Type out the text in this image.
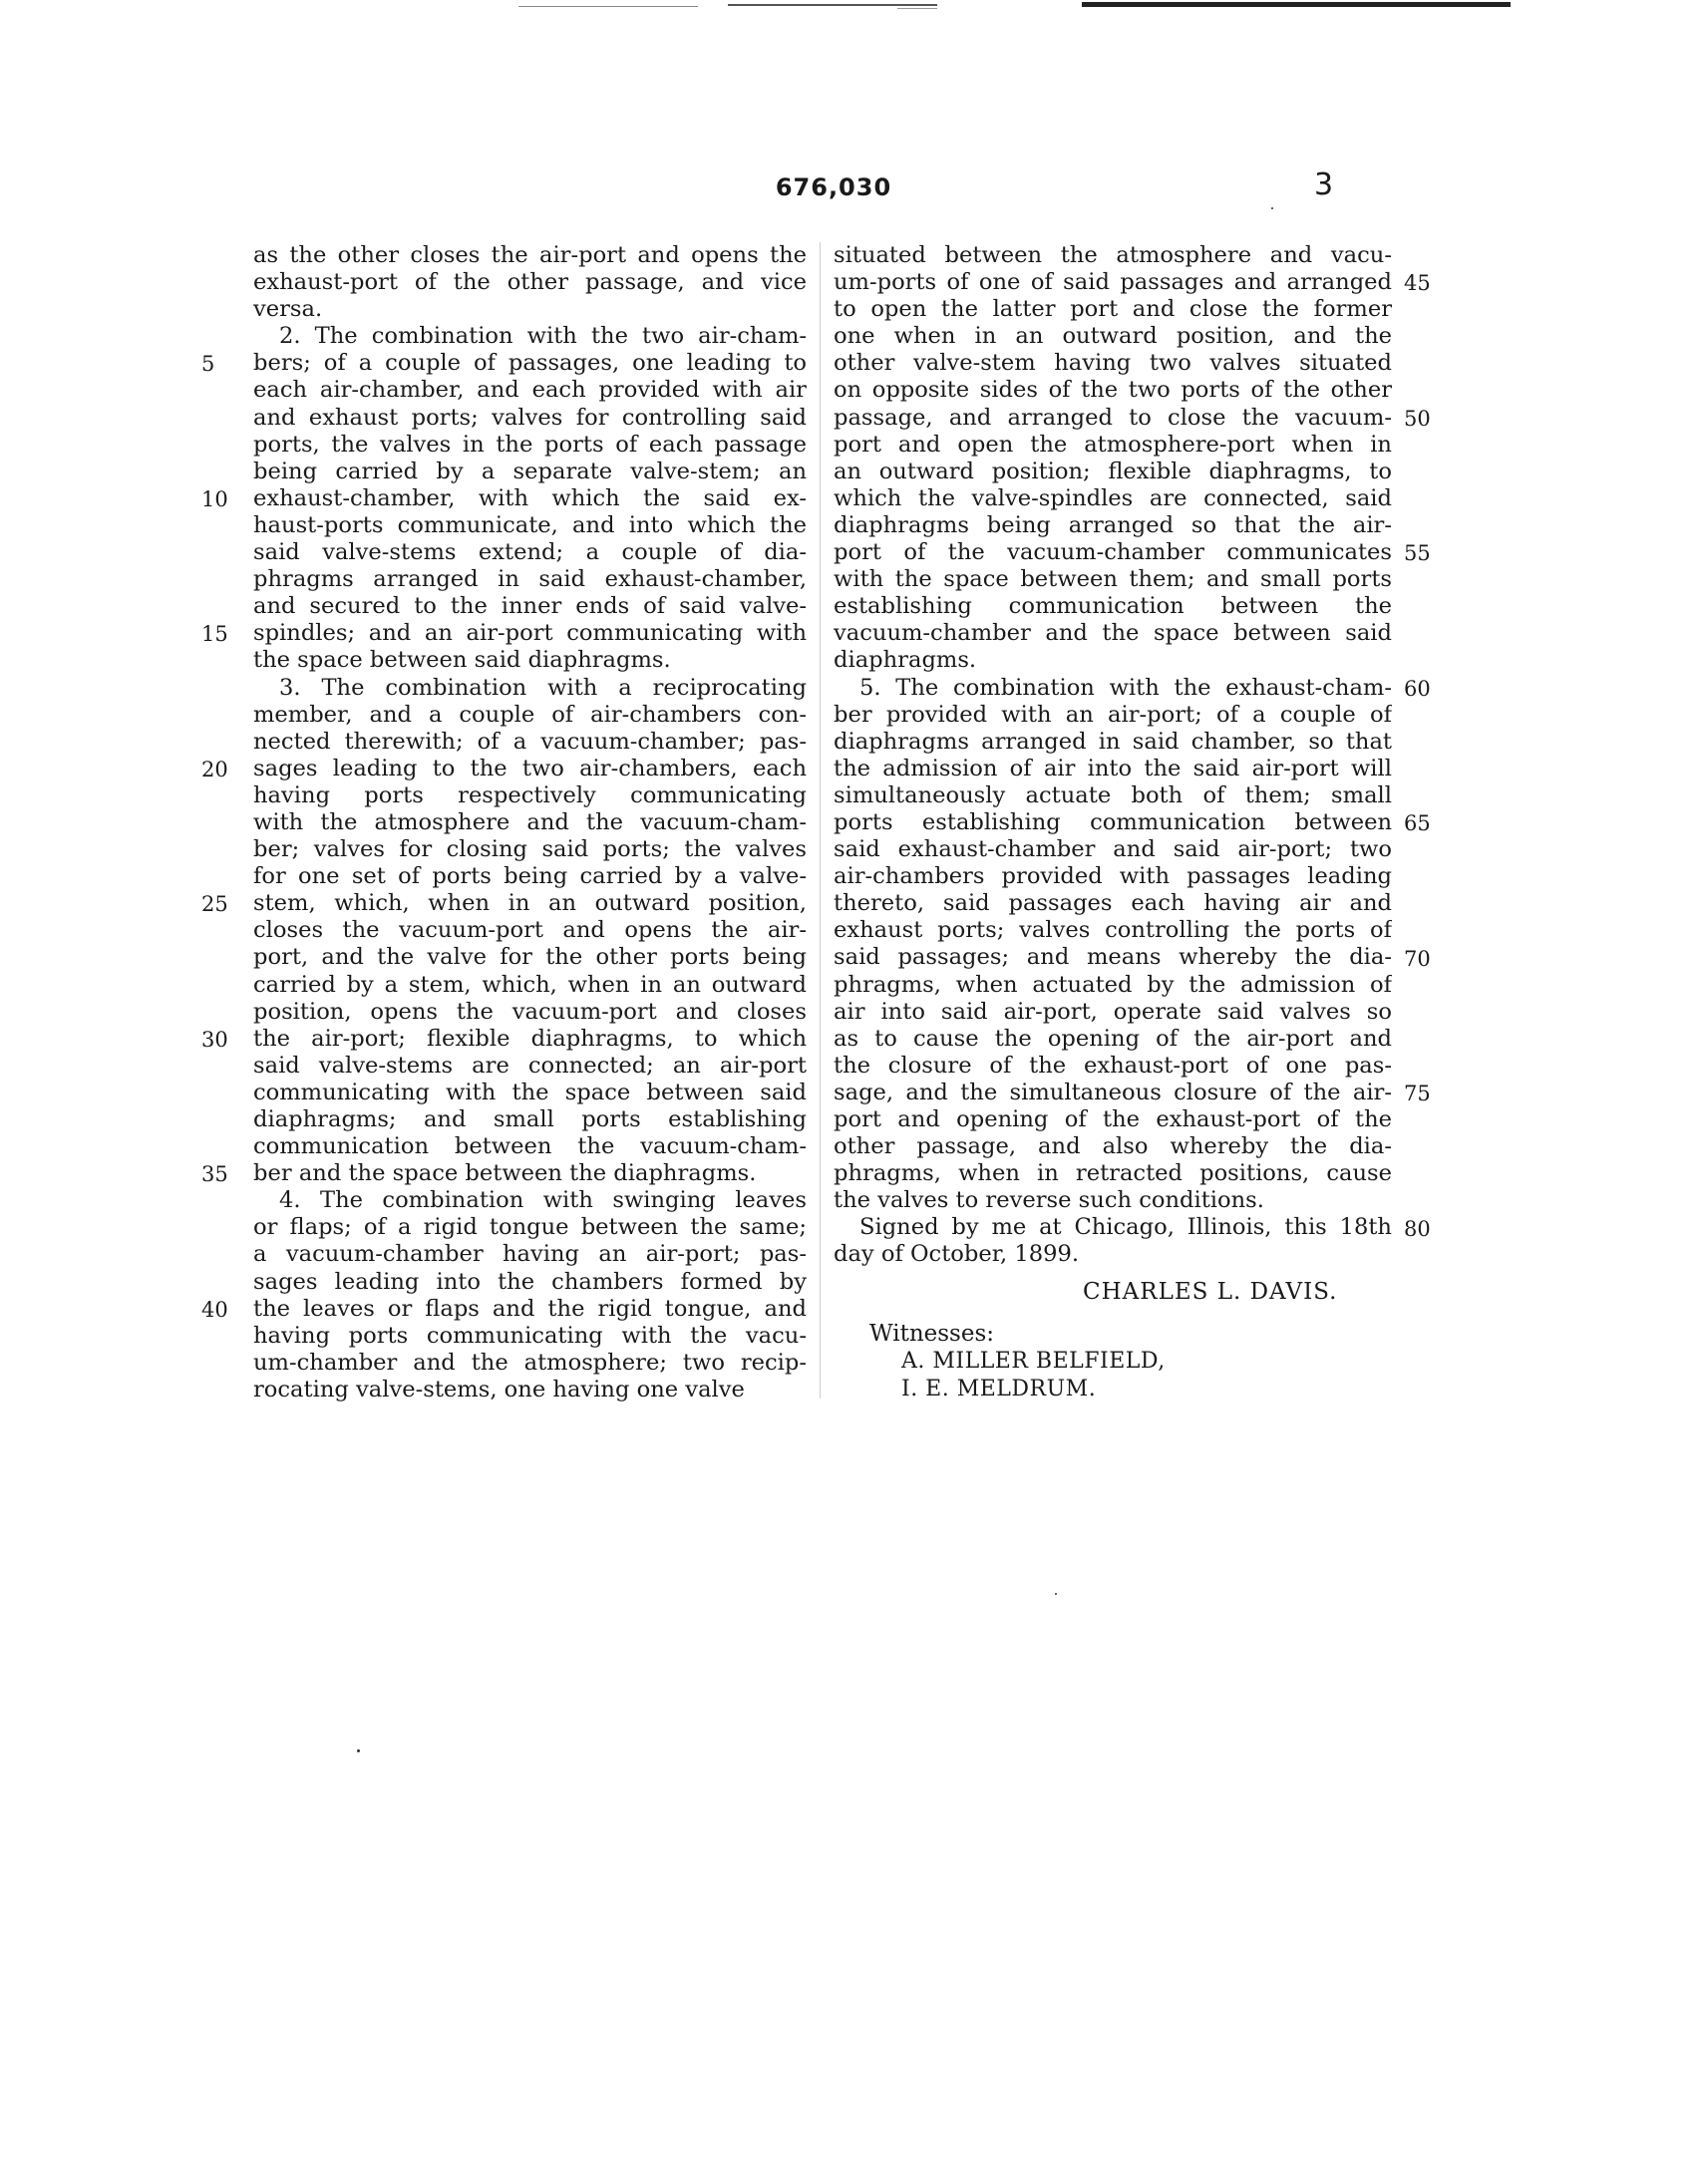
676,030	3
as the other closes the air-port and opens the
exhaust-port of the other passage, and vice
versa.
2. The combination with the two air-cham-
bers; of a couple of passages, one leading to
each air-chamber, and each provided with air
and exhaust ports; valves for controlling said
ports, the valves in the ports of each passage
being carried by a separate valve-stem; an
exhaust-chamber, with which the said ex-
haust-ports communicate, and into which the
said valve-stems extend; a couple of dia-
phragms arranged in said exhaust-chamber,
and secured to the inner ends of said valve-
spindles; and an air-port communicating with
the space between said diaphragms.
3. The combination with a reciprocating
member, and a couple of air-chambers con-
nected therewith; of a vacuum-chamber; pas-
sages leading to the two air-chambers, each
having ports respectively communicating
with the atmosphere and the vacuum-cham-
ber; valves for closing said ports; the valves
for one set of ports being carried by a valve-
stem, which, when in an outward position,
closes the vacuum-port and opens the air-
port, and the valve for the other ports being
carried by a stem, which, when in an outward
position, opens the vacuum-port and closes
the air-port; flexible diaphragms, to which
said valve-stems are connected; an air-port
communicating with the space between said
diaphragms; and small ports establishing
communication between the vacuum-cham-
ber and the space between the diaphragms.
4. The combination with swinging leaves
or flaps; of a rigid tongue between the same;
a vacuum-chamber having an air-port; pas-
sages leading into the chambers formed by
the leaves or flaps and the rigid tongue, and
having ports communicating with the vacu-
um-chamber and the atmosphere; two recip-
rocating valve-stems, one having one valve
situated between the atmosphere and vacu-
um-ports of one of said passages and arranged
to open the latter port and close the former
one when in an outward position, and the
other valve-stem having two valves situated
on opposite sides of the two ports of the other
passage, and arranged to close the vacuum-
port and open the atmosphere-port when in
an outward position; flexible diaphragms, to
which the valve-spindles are connected, said
diaphragms being arranged so that the air-
port of the vacuum-chamber communicates
with the space between them; and small ports
establishing communication between the
vacuum-chamber and the space between said
diaphragms.
5. The combination with the exhaust-cham-
ber provided with an air-port; of a couple of
diaphragms arranged in said chamber, so that
the admission of air into the said air-port will
simultaneously actuate both of them; small
ports establishing communication between
said exhaust-chamber and said air-port; two
air-chambers provided with passages leading
thereto, said passages each having air and
exhaust ports; valves controlling the ports of
said passages; and means whereby the dia-
phragms, when actuated by the admission of
air into said air-port, operate said valves so
as to cause the opening of the air-port and
the closure of the exhaust-port of one pas-
sage, and the simultaneous closure of the air-
port and opening of the exhaust-port of the
other passage, and also whereby the dia-
phragms, when in retracted positions, cause
the valves to reverse such conditions.
Signed by me at Chicago, Illinois, this 18th
day of October, 1899.
5
10
15
20
25
30
35
40
45
50
55
60
65
70
75
80
CHARLES L. DAVIS.
Witnesses:
A. MILLER BELFIELD,
I. E. MELDRUM.
